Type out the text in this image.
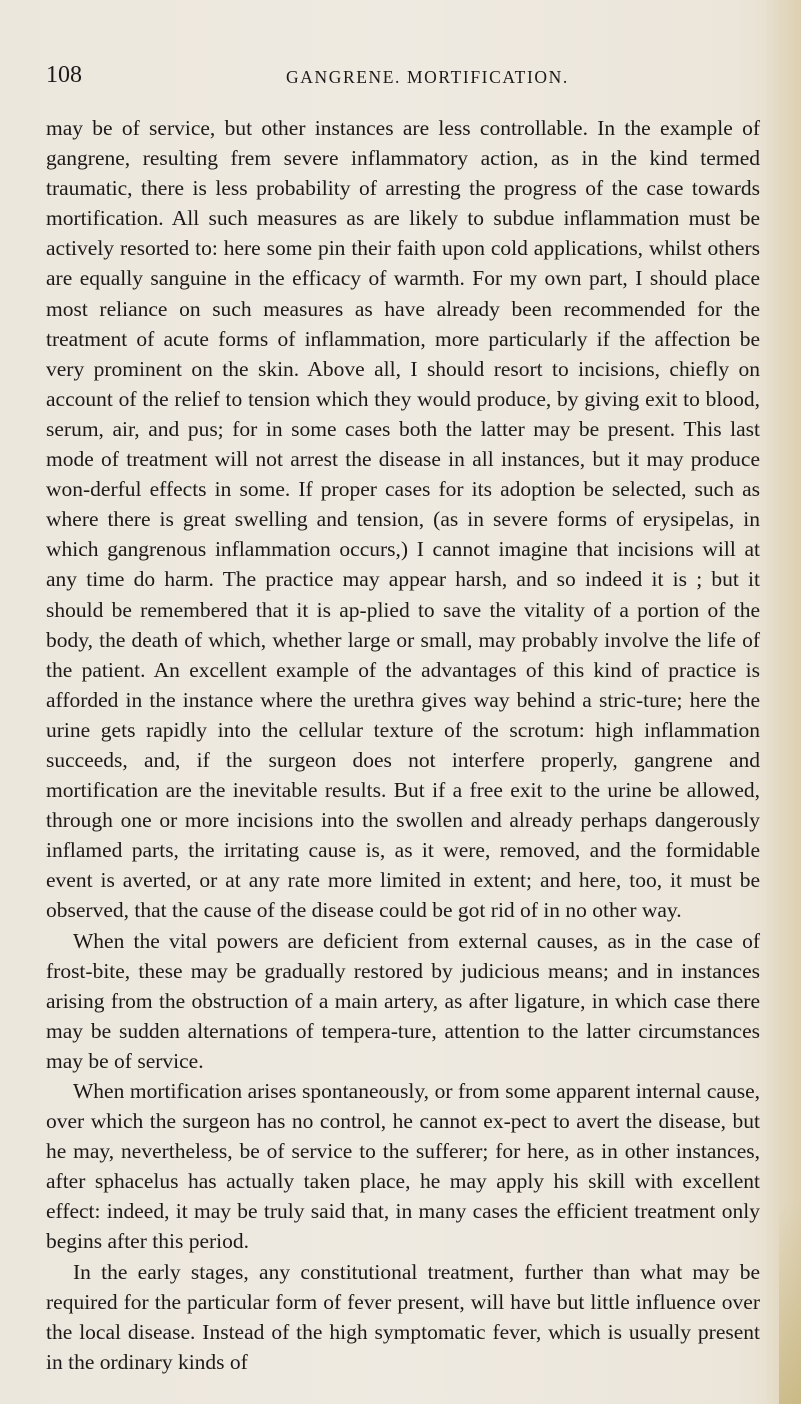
108	GANGRENE. MORTIFICATION.

may be of service, but other instances are less controllable. In the example of gangrene, resulting frem severe inflammatory action, as in the kind termed traumatic, there is less probability of arresting the progress of the case towards mortification. All such measures as are likely to subdue inflammation must be actively resorted to: here some pin their faith upon cold applications, whilst others are equally sanguine in the efficacy of warmth. For my own part, I should place most reliance on such measures as have already been recommended for the treatment of acute forms of inflammation, more particularly if the affection be very prominent on the skin. Above all, I should resort to incisions, chiefly on account of the relief to tension which they would produce, by giving exit to blood, serum, air, and pus; for in some cases both the latter may be present. This last mode of treatment will not arrest the disease in all instances, but it may produce won-derful effects in some. If proper cases for its adoption be selected, such as where there is great swelling and tension, (as in severe forms of erysipelas, in which gangrenous inflammation occurs,) I cannot imagine that incisions will at any time do harm. The practice may appear harsh, and so indeed it is ; but it should be remembered that it is ap-plied to save the vitality of a portion of the body, the death of which, whether large or small, may probably involve the life of the patient. An excellent example of the advantages of this kind of practice is afforded in the instance where the urethra gives way behind a stric-ture; here the urine gets rapidly into the cellular texture of the scrotum: high inflammation succeeds, and, if the surgeon does not interfere properly, gangrene and mortification are the inevitable results. But if a free exit to the urine be allowed, through one or more incisions into the swollen and already perhaps dangerously inflamed parts, the irritating cause is, as it were, removed, and the formidable event is averted, or at any rate more limited in extent; and here, too, it must be observed, that the cause of the disease could be got rid of in no other way.

When the vital powers are deficient from external causes, as in the case of frost-bite, these may be gradually restored by judicious means; and in instances arising from the obstruction of a main artery, as after ligature, in which case there may be sudden alternations of tempera-ture, attention to the latter circumstances may be of service.

When mortification arises spontaneously, or from some apparent internal cause, over which the surgeon has no control, he cannot ex-pect to avert the disease, but he may, nevertheless, be of service to the sufferer; for here, as in other instances, after sphacelus has actually taken place, he may apply his skill with excellent effect: indeed, it may be truly said that, in many cases the efficient treatment only begins after this period.

In the early stages, any constitutional treatment, further than what may be required for the particular form of fever present, will have but little influence over the local disease. Instead of the high symptomatic fever, which is usually present in the ordinary kinds of
